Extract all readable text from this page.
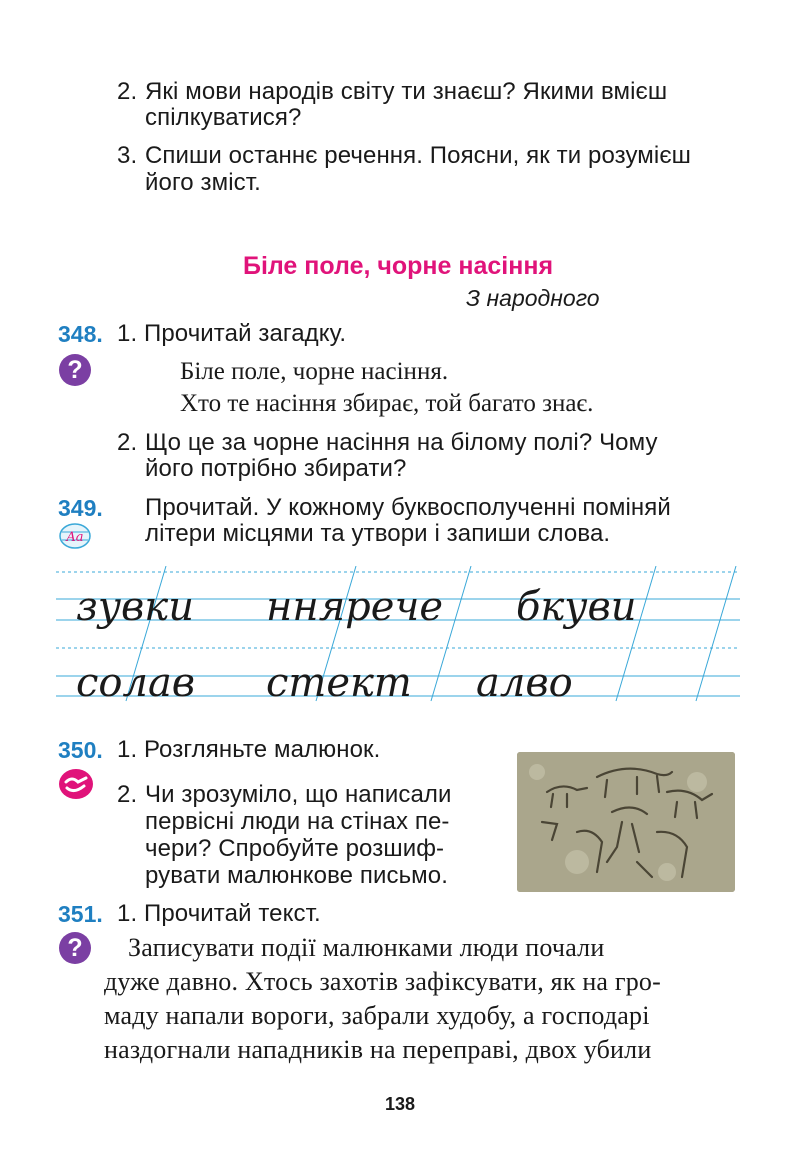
2. Які мови народів світу ти знаєш? Якими вмієш
спілкуватися?
3. Спиши останнє речення. Поясни, як ти розумієш
його зміст.
Біле поле, чорне насіння
З народного
348. 1. Прочитай загадку.
?	Біле поле, чорне насіння.
Хто те насіння збирає, той багато знає.
2. Що це за чорне насіння на білому полі? Чому
його потрібно збирати?
349. Прочитай. У кожному буквосполученні поміняй
літери місцями та утвори і запиши слова.
Aa
зувки ннярече бкуви
солав стект алвo
350. 1. Розгляньте малюнок.
2. Чи зрозуміло, що написали
первісні люди на стінах пе-
чери? Спробуйте розшиф-
рувати малюнкове письмо.
351. 1. Прочитай текст.
?	Записувати події малюнками люди почали
дуже давно. Хтось захотів зафіксувати, як на гро-
маду напали вороги, забрали худобу, а господарі
наздогнали нападників на переправі, двох убили
138
